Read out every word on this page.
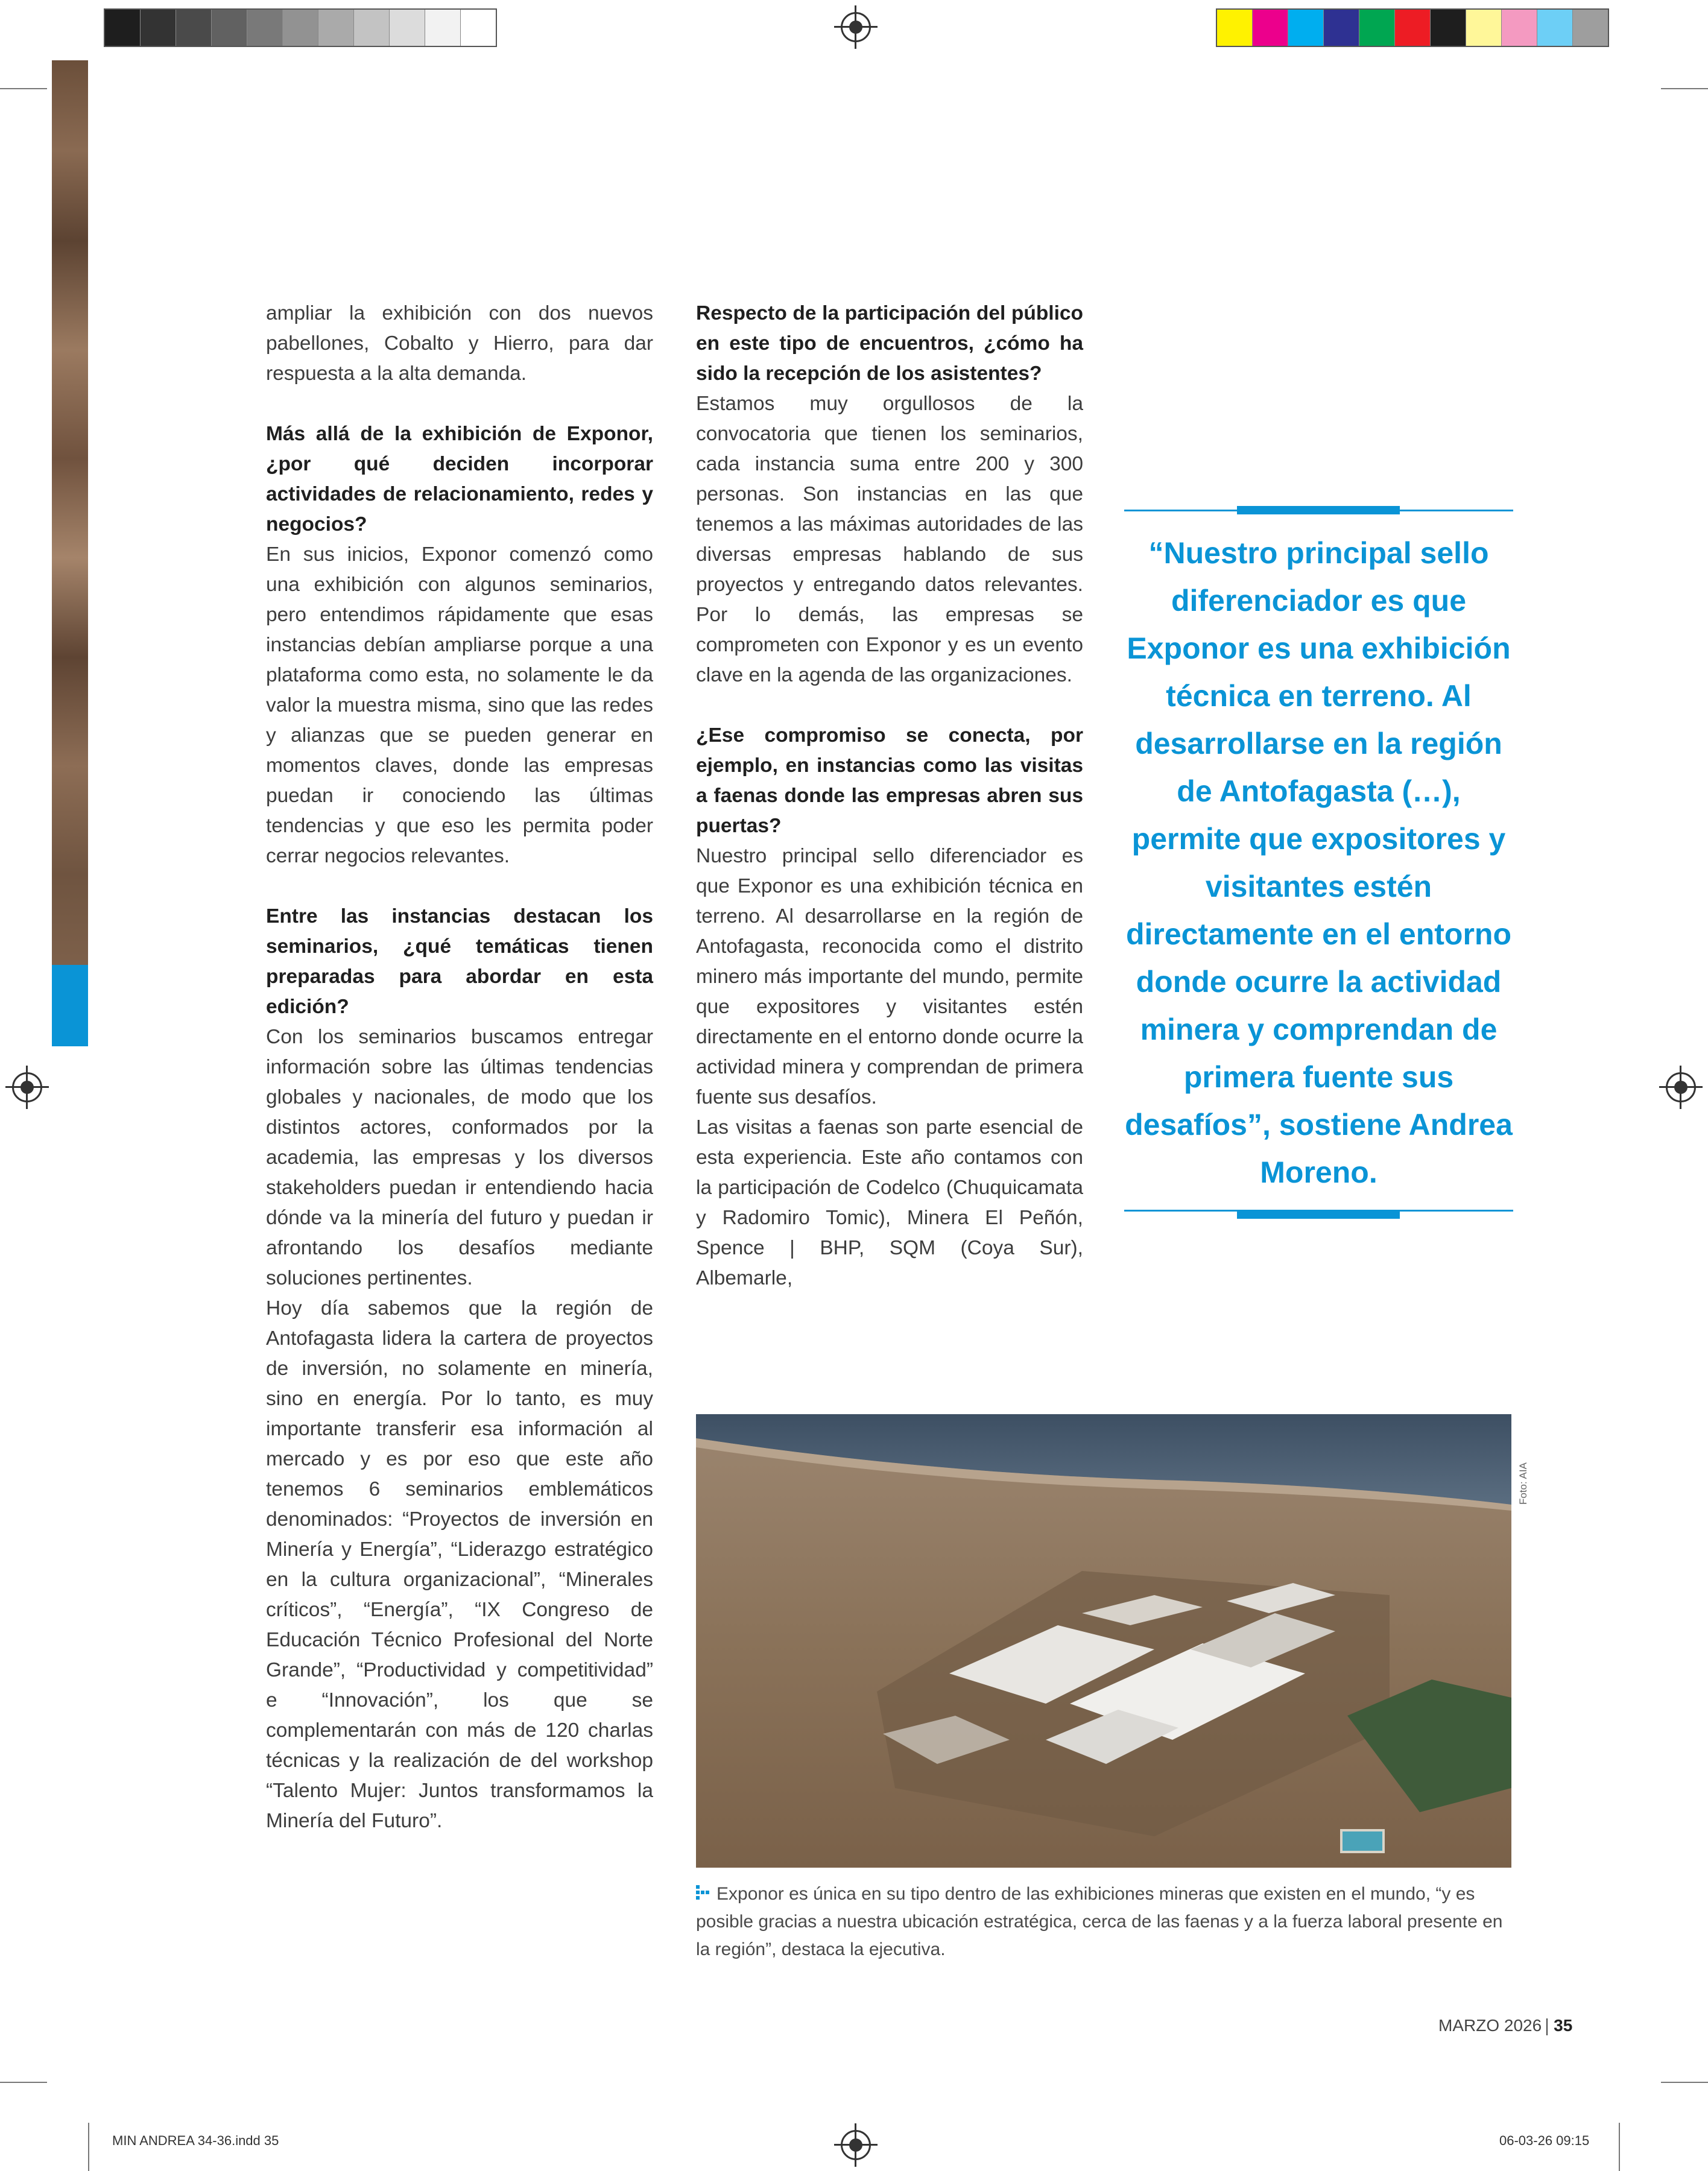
ampliar la exhibición con dos nuevos pabellones, Cobalto y Hierro, para dar respuesta a la alta demanda.

Más allá de la exhibición de Exponor, ¿por qué deciden incorporar actividades de relacionamiento, redes y negocios?

En sus inicios, Exponor comenzó como una exhibición con algunos seminarios, pero entendimos rápidamente que esas instancias debían ampliarse porque a una plataforma como esta, no solamente le da valor la muestra misma, sino que las redes y alianzas que se pueden generar en momentos claves, donde las empresas puedan ir conociendo las últimas tendencias y que eso les permita poder cerrar negocios relevantes.

Entre las instancias destacan los seminarios, ¿qué temáticas tienen preparadas para abordar en esta edición?

Con los seminarios buscamos entregar información sobre las últimas tendencias globales y nacionales, de modo que los distintos actores, conformados por la academia, las empresas y los diversos stakeholders puedan ir entendiendo hacia dónde va la minería del futuro y puedan ir afrontando los desafíos mediante soluciones pertinentes.

Hoy día sabemos que la región de Antofagasta lidera la cartera de proyectos de inversión, no solamente en minería, sino en energía. Por lo tanto, es muy importante transferir esa información al mercado y es por eso que este año tenemos 6 seminarios emblemáticos denominados: “Proyectos de inversión en Minería y Energía”, “Liderazgo estratégico en la cultura organizacional”, “Minerales críticos”, “Energía”, “IX Congreso de Educación Técnico Profesional del Norte Grande”, “Productividad y competitividad” e “Innovación”, los que se complementarán con más de 120 charlas técnicas y la realización de del workshop “Talento Mujer: Juntos transformamos la Minería del Futuro”.

Respecto de la participación del público en este tipo de encuentros, ¿cómo ha sido la recepción de los asistentes?

Estamos muy orgullosos de la convocatoria que tienen los seminarios, cada instancia suma entre 200 y 300 personas. Son instancias en las que tenemos a las máximas autoridades de las diversas empresas hablando de sus proyectos y entregando datos relevantes. Por lo demás, las empresas se comprometen con Exponor y es un evento clave en la agenda de las organizaciones.

¿Ese compromiso se conecta, por ejemplo, en instancias como las visitas a faenas donde las empresas abren sus puertas?

Nuestro principal sello diferenciador es que Exponor es una exhibición técnica en terreno. Al desarrollarse en la región de Antofagasta, reconocida como el distrito minero más importante del mundo, permite que expositores y visitantes estén directamente en el entorno donde ocurre la actividad minera y comprendan de primera fuente sus desafíos.

Las visitas a faenas son parte esencial de esta experiencia. Este año contamos con la participación de Codelco (Chuquicamata y Radomiro Tomic), Minera El Peñón, Spence | BHP, SQM (Coya Sur), Albemarle,

“Nuestro principal sello diferenciador es que Exponor es una exhibición técnica en terreno. Al desarrollarse en la región de Antofagasta (…), permite que expositores y visitantes estén directamente en el entorno donde ocurre la actividad minera y comprendan de primera fuente sus desafíos”, sostiene Andrea Moreno.
Foto: AIA
Exponor es única en su tipo dentro de las exhibiciones mineras que existen en el mundo, “y es posible gracias a nuestra ubicación estratégica, cerca de las faenas y a la fuerza laboral presente en la región”, destaca la ejecutiva.
MARZO 2026 35
MIN ANDREA 34-36.indd 35	06-03-26 09:15
